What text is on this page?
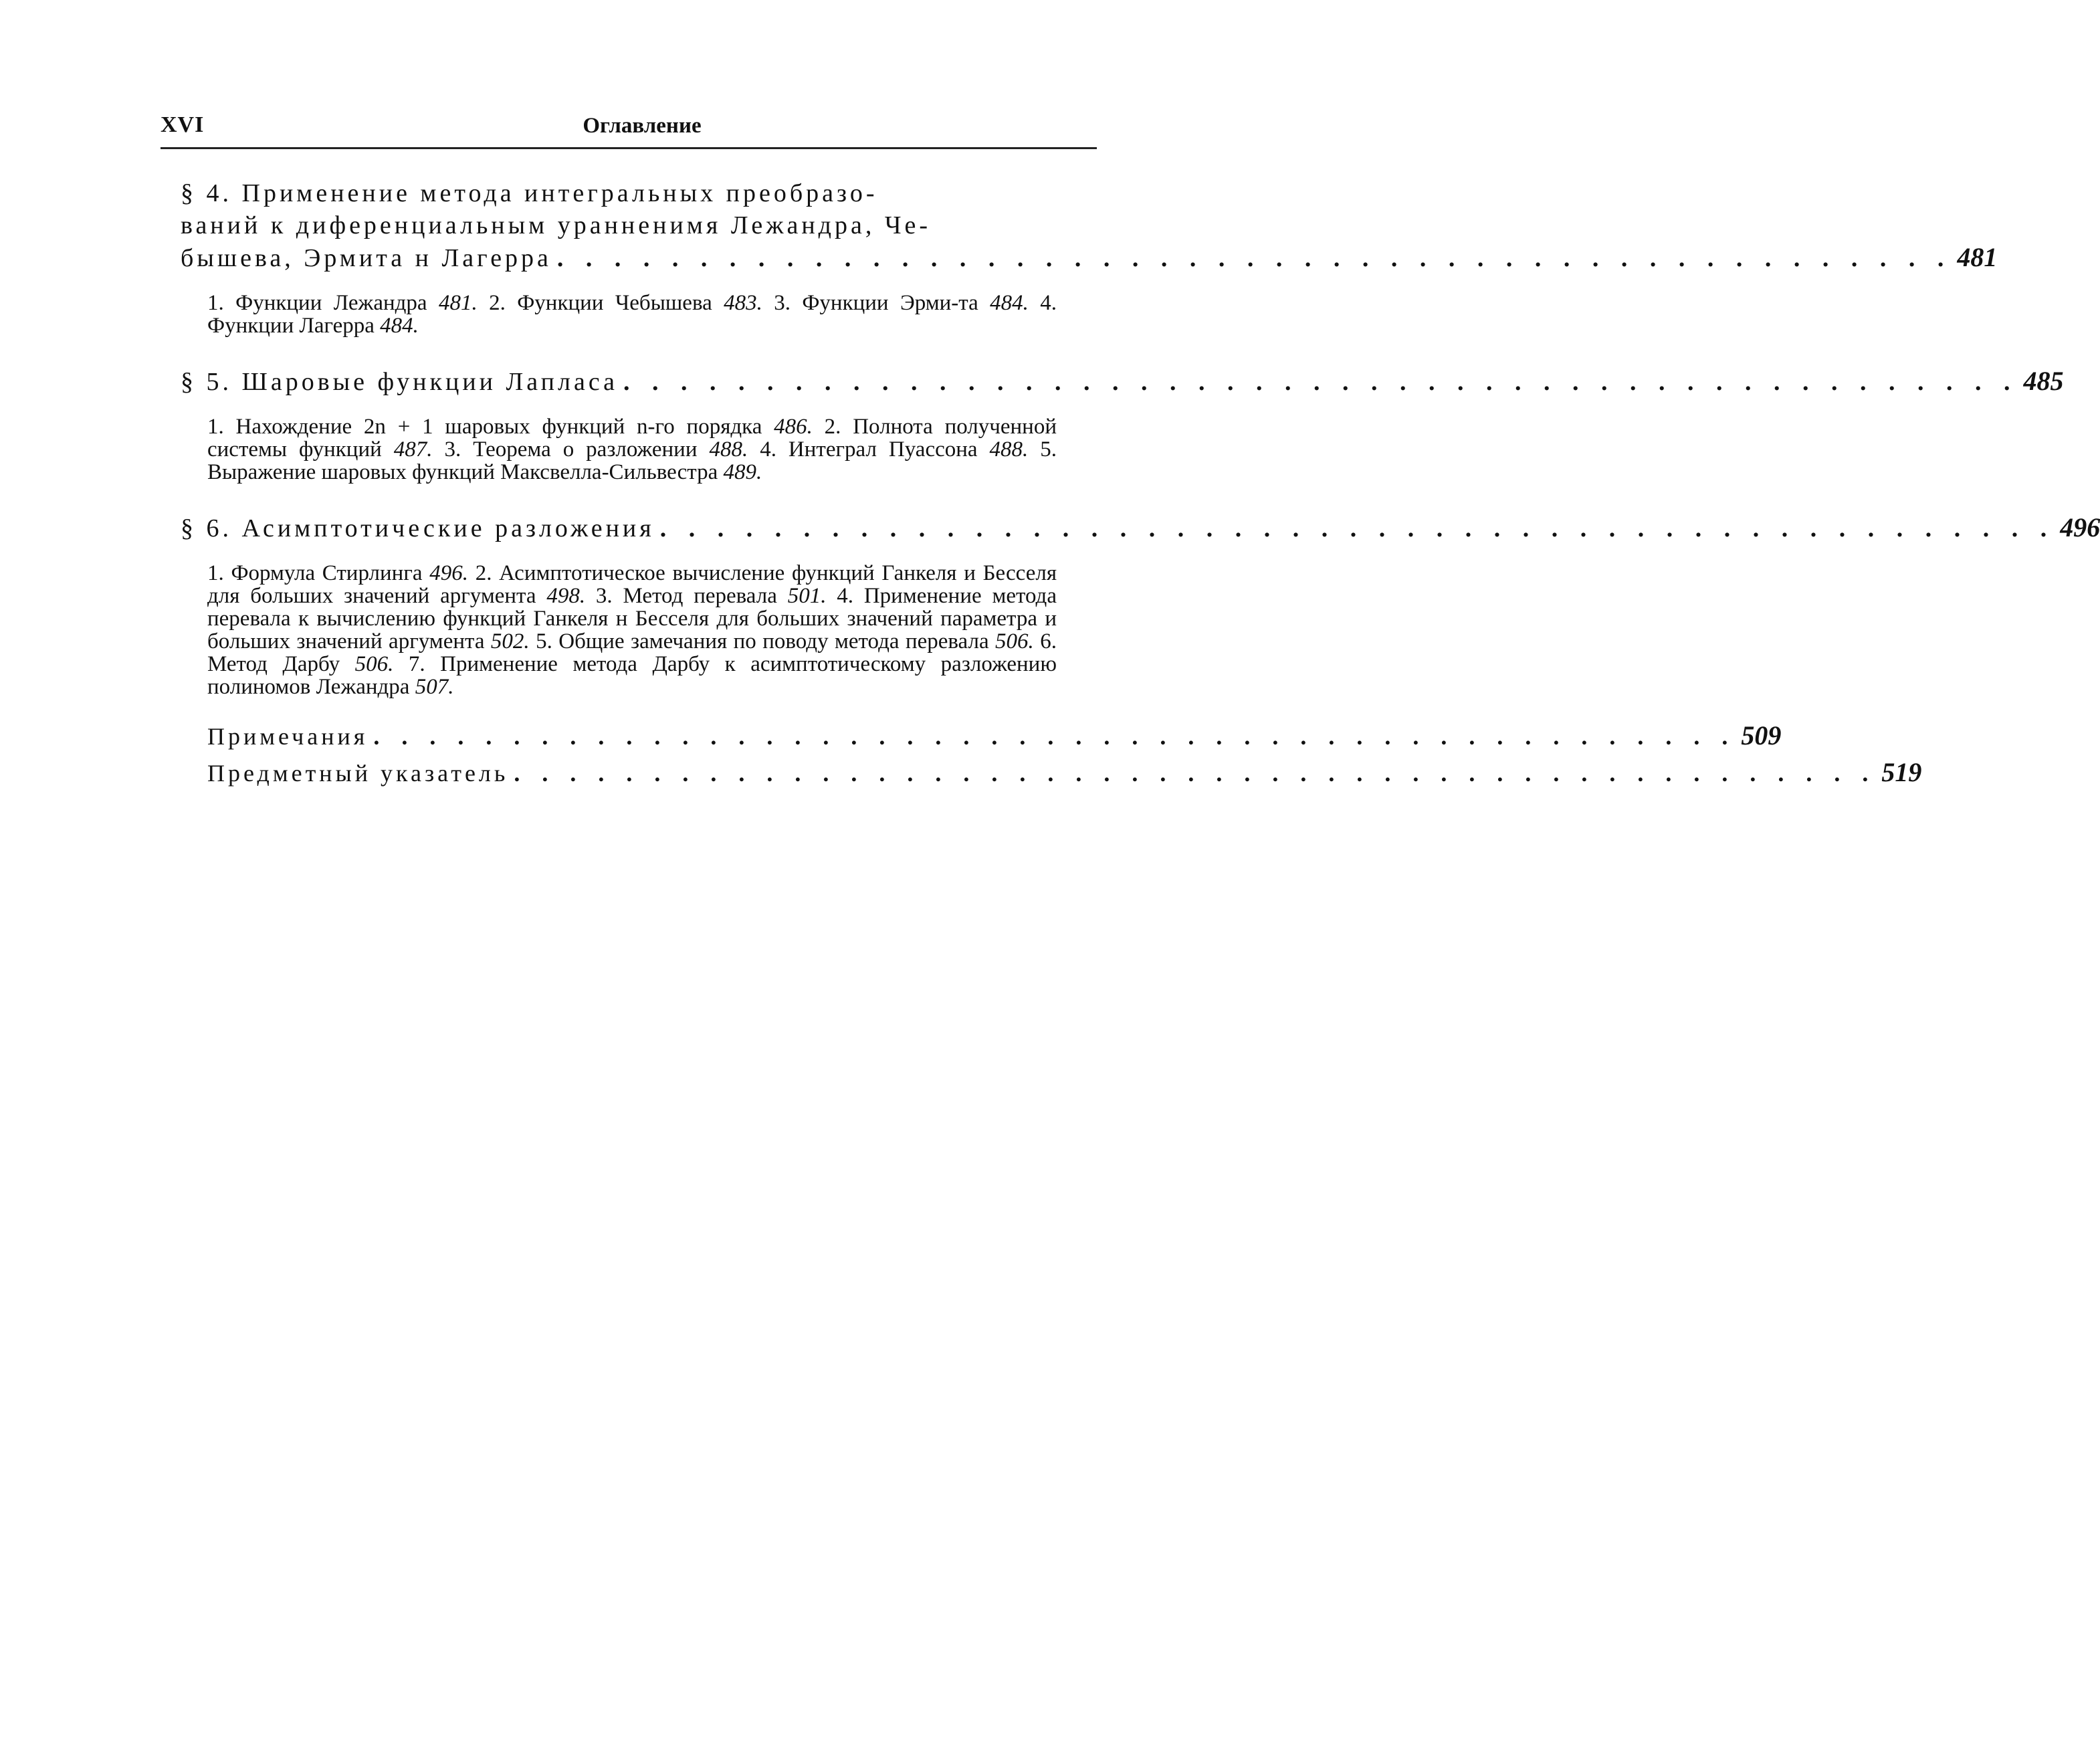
XVI	Оглавление

§ 4. Применение метода интегральных преобразо-

ваний к диференциальным уранненимя Лежандра, Че-

бышева, Эрмита н Лагерра . . . . . . . . . . . . . . . . . . . . . . . . . . . . . . . . . . . . . . . . . . . . . . . . . 481
1. Функции Лежандра 481. 2. Функции Чебышева 483. 3. Функции Эрми-та 484. 4. Функции Лагерра 484.
§ 5. Шаровые функции Лапласа . . . . . . . . . . . . . . . . . . . . . . . . . . . . . . . . . . . . . . . . . . . . . . . . . 485
1. Нахождение 2n + 1 шаровых функций n-го порядка 486. 2. Полнота полученной системы функций 487. 3. Теорема о разложении 488. 4. Интеграл Пуассона 488. 5. Выражение шаровых функций Максвелла-Сильвестра 489.
§ 6. Асимптотические разложения . . . . . . . . . . . . . . . . . . . . . . . . . . . . . . . . . . . . . . . . . . . . . . . . . 496
1. Формула Стирлинга 496. 2. Асимптотическое вычисление функций Ганкеля и Бесселя для больших значений аргумента 498. 3. Метод перевала 501. 4. Применение метода перевала к вычислению функций Ганкеля н Бесселя для больших значений параметра и больших значений аргумента 502. 5. Общие замечания по поводу метода перевала 506. 6. Метод Дарбу 506. 7. Применение метода Дарбу к асимптотическому разложению полиномов Лежандра 507.
Примечания . . . . . . . . . . . . . . . . . . . . . . . . . . . . . . . . . . . . . . . . . . . . . . . . . 509
Предметный указатель . . . . . . . . . . . . . . . . . . . . . . . . . . . . . . . . . . . . . . . . . . . . . . . . . 519
